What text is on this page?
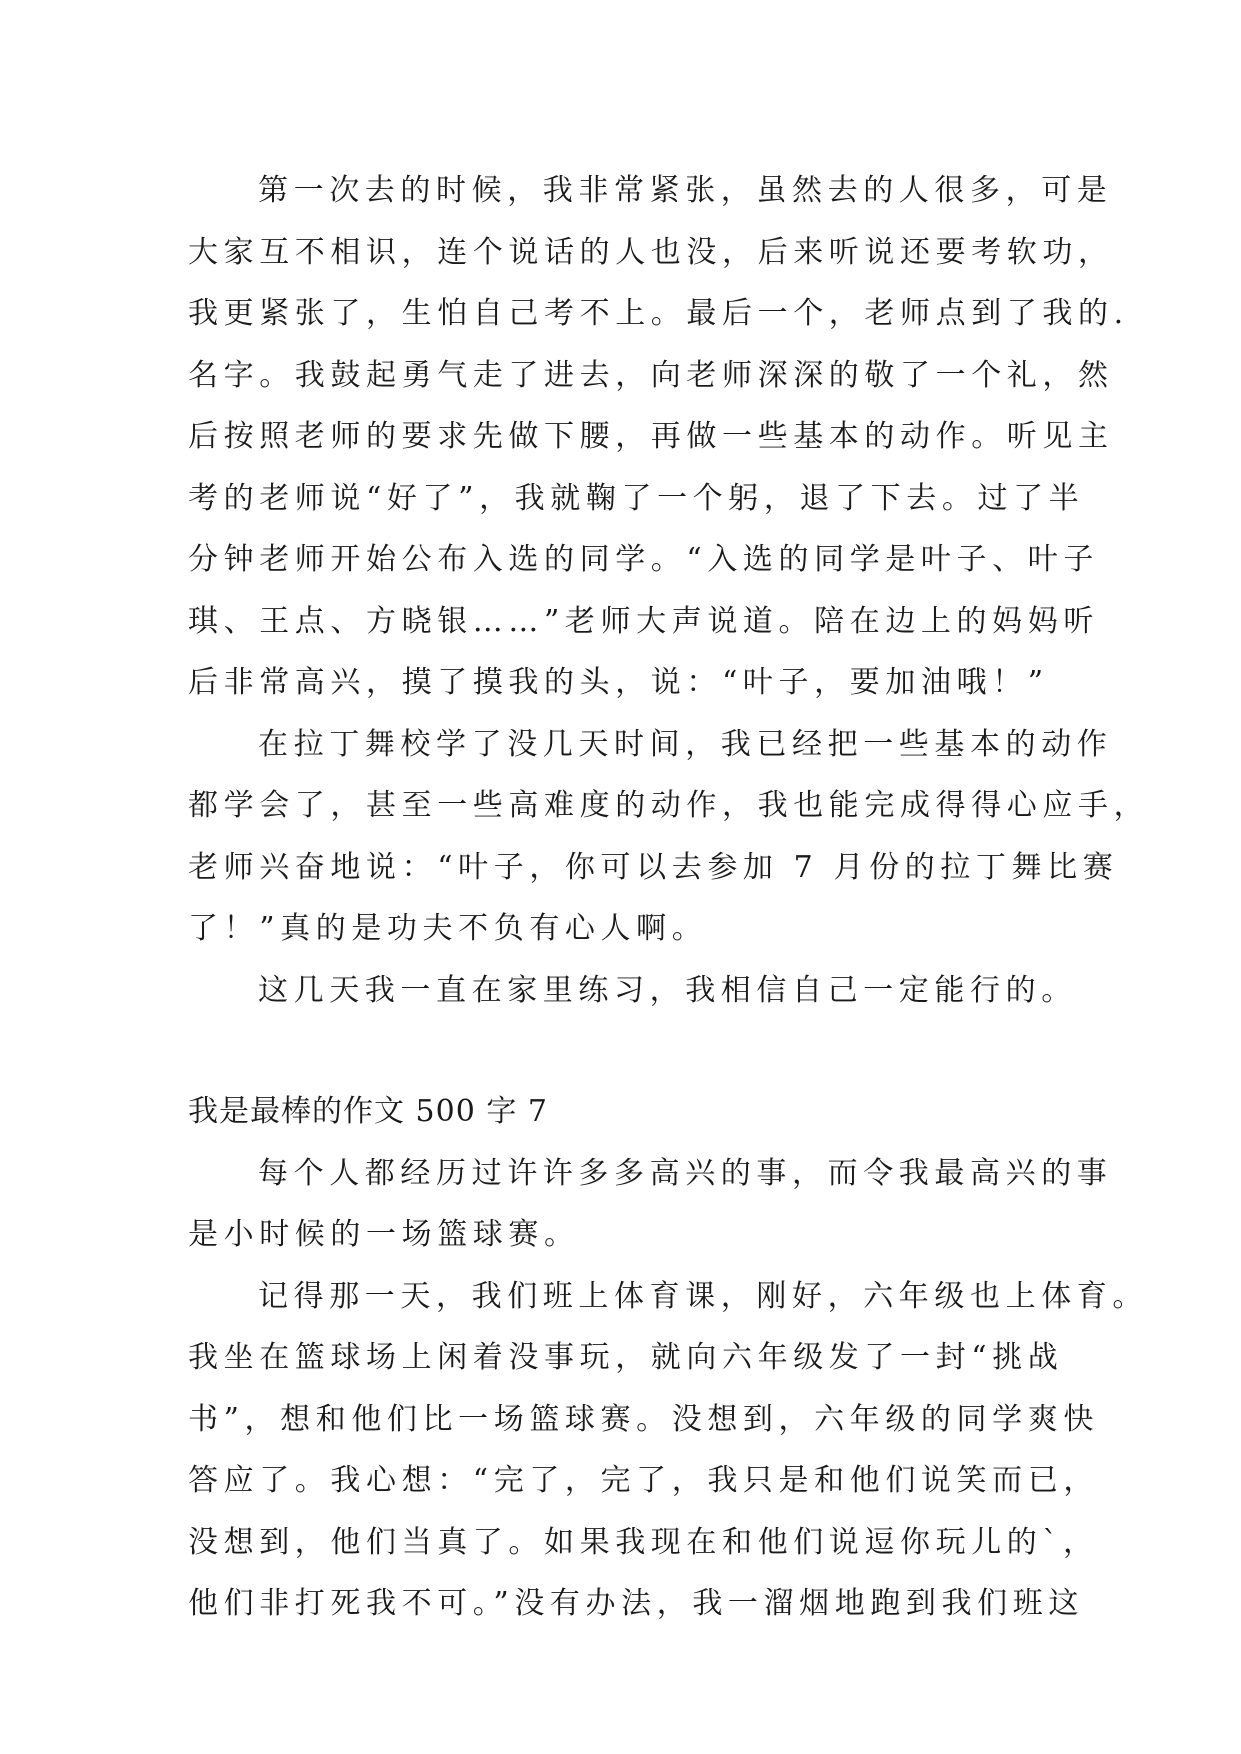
第一次去的时候，我非常紧张，虽然去的人很多，可是
大家互不相识，连个说话的人也没，后来听说还要考软功，
我更紧张了，生怕自己考不上。最后一个，老师点到了我的.
名字。我鼓起勇气走了进去，向老师深深的敬了一个礼，然
后按照老师的要求先做下腰，再做一些基本的动作。听见主
考的老师说“好了”，我就鞠了一个躬，退了下去。过了半
分钟老师开始公布入选的同学。“入选的同学是叶子、叶子
琪、王点、方晓银……”老师大声说道。陪在边上的妈妈听
后非常高兴，摸了摸我的头，说：“叶子，要加油哦！”
在拉丁舞校学了没几天时间，我已经把一些基本的动作
都学会了，甚至一些高难度的动作，我也能完成得得心应手，
老师兴奋地说：“叶子，你可以去参加 7 月份的拉丁舞比赛
了！”真的是功夫不负有心人啊。
这几天我一直在家里练习，我相信自己一定能行的。
我是最棒的作文 500 字 7
每个人都经历过许许多多高兴的事，而令我最高兴的事
是小时候的一场篮球赛。
记得那一天，我们班上体育课，刚好，六年级也上体育。
我坐在篮球场上闲着没事玩，就向六年级发了一封“挑战
书”，想和他们比一场篮球赛。没想到，六年级的同学爽快
答应了。我心想：“完了，完了，我只是和他们说笑而已，
没想到，他们当真了。如果我现在和他们说逗你玩儿的`，
他们非打死我不可。”没有办法，我一溜烟地跑到我们班这
